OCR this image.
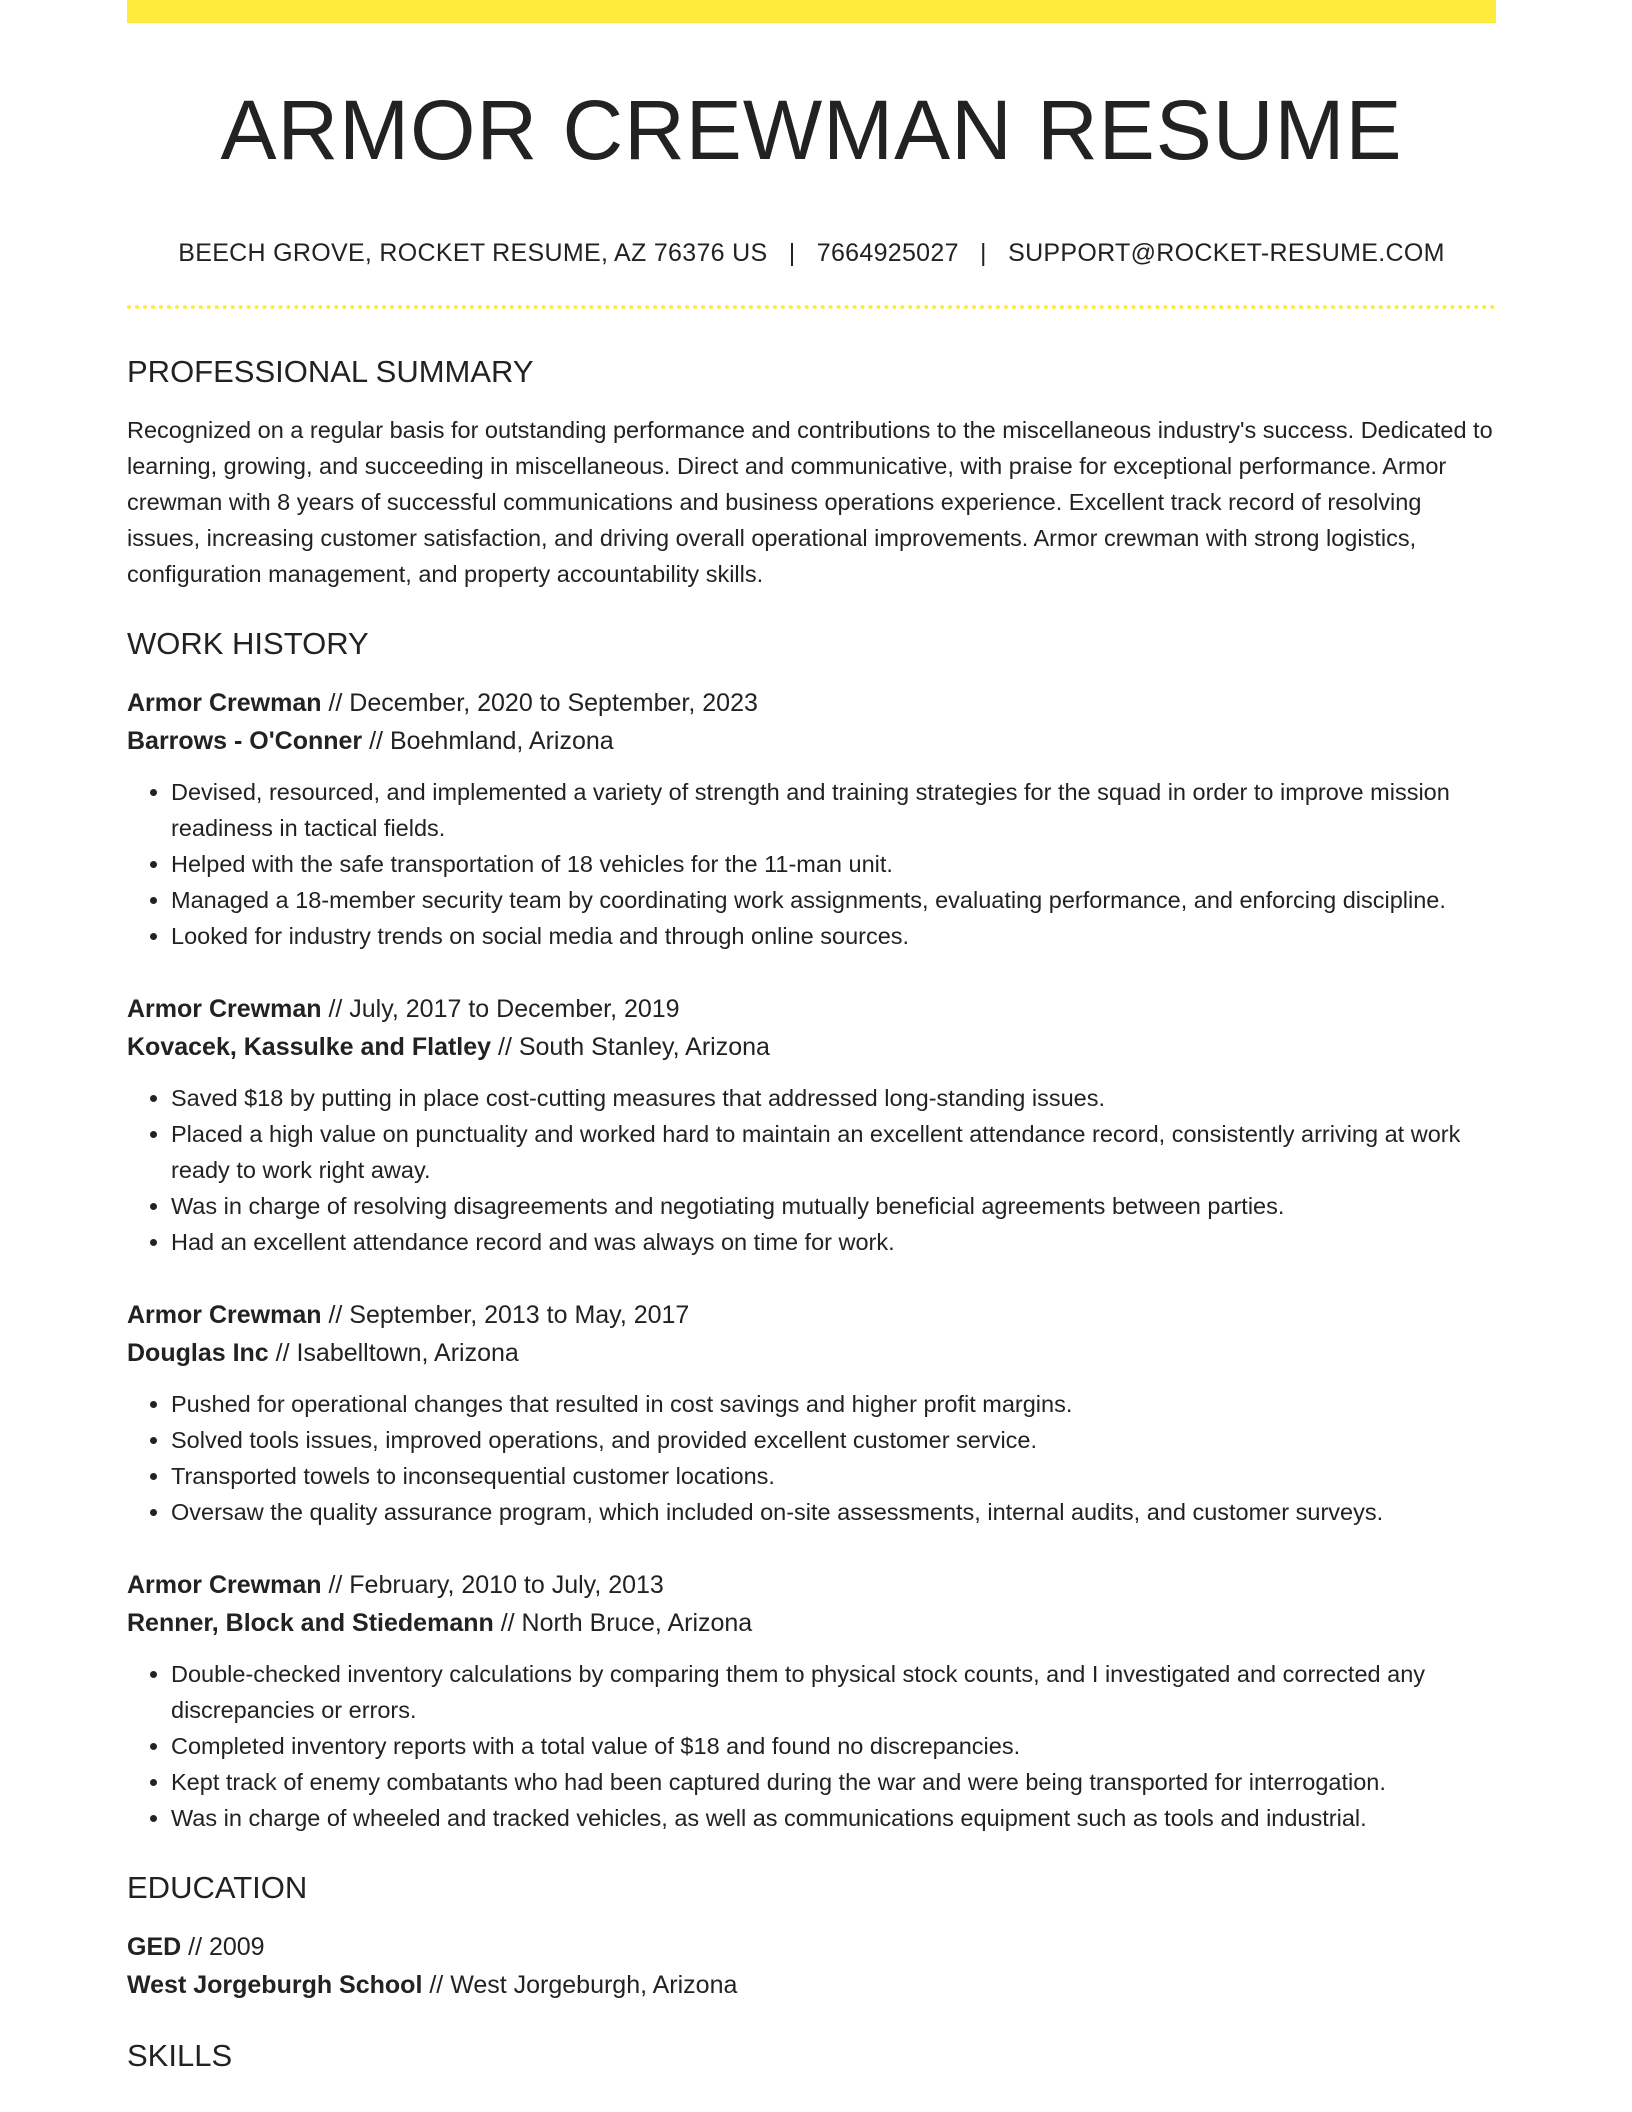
ARMOR CREWMAN RESUME
BEECH GROVE, ROCKET RESUME, AZ 76376 US | 7664925027 | SUPPORT@ROCKET-RESUME.COM
PROFESSIONAL SUMMARY

Recognized on a regular basis for outstanding performance and contributions to the miscellaneous industry's success. Dedicated to learning, growing, and succeeding in miscellaneous. Direct and communicative, with praise for exceptional performance. Armor crewman with 8 years of successful communications and business operations experience. Excellent track record of resolving issues, increasing customer satisfaction, and driving overall operational improvements. Armor crewman with strong logistics, configuration management, and property accountability skills.

WORK HISTORY
Armor Crewman // December, 2020 to September, 2023
Barrows - O'Conner // Boehmland, Arizona
• Devised, resourced, and implemented a variety of strength and training strategies for the squad in order to improve mission readiness in tactical fields.
• Helped with the safe transportation of 18 vehicles for the 11-man unit.
• Managed a 18-member security team by coordinating work assignments, evaluating performance, and enforcing discipline.
• Looked for industry trends on social media and through online sources.
Armor Crewman // July, 2017 to December, 2019
Kovacek, Kassulke and Flatley // South Stanley, Arizona
• Saved $18 by putting in place cost-cutting measures that addressed long-standing issues.
• Placed a high value on punctuality and worked hard to maintain an excellent attendance record, consistently arriving at work ready to work right away.
• Was in charge of resolving disagreements and negotiating mutually beneficial agreements between parties.
• Had an excellent attendance record and was always on time for work.
Armor Crewman // September, 2013 to May, 2017
Douglas Inc // Isabelltown, Arizona
• Pushed for operational changes that resulted in cost savings and higher profit margins.
• Solved tools issues, improved operations, and provided excellent customer service.
• Transported towels to inconsequential customer locations.
• Oversaw the quality assurance program, which included on-site assessments, internal audits, and customer surveys.
Armor Crewman // February, 2010 to July, 2013
Renner, Block and Stiedemann // North Bruce, Arizona
• Double-checked inventory calculations by comparing them to physical stock counts, and I investigated and corrected any discrepancies or errors.
• Completed inventory reports with a total value of $18 and found no discrepancies.
• Kept track of enemy combatants who had been captured during the war and were being transported for interrogation.
• Was in charge of wheeled and tracked vehicles, as well as communications equipment such as tools and industrial.
EDUCATION
GED // 2009
West Jorgeburgh School // West Jorgeburgh, Arizona
SKILLS
